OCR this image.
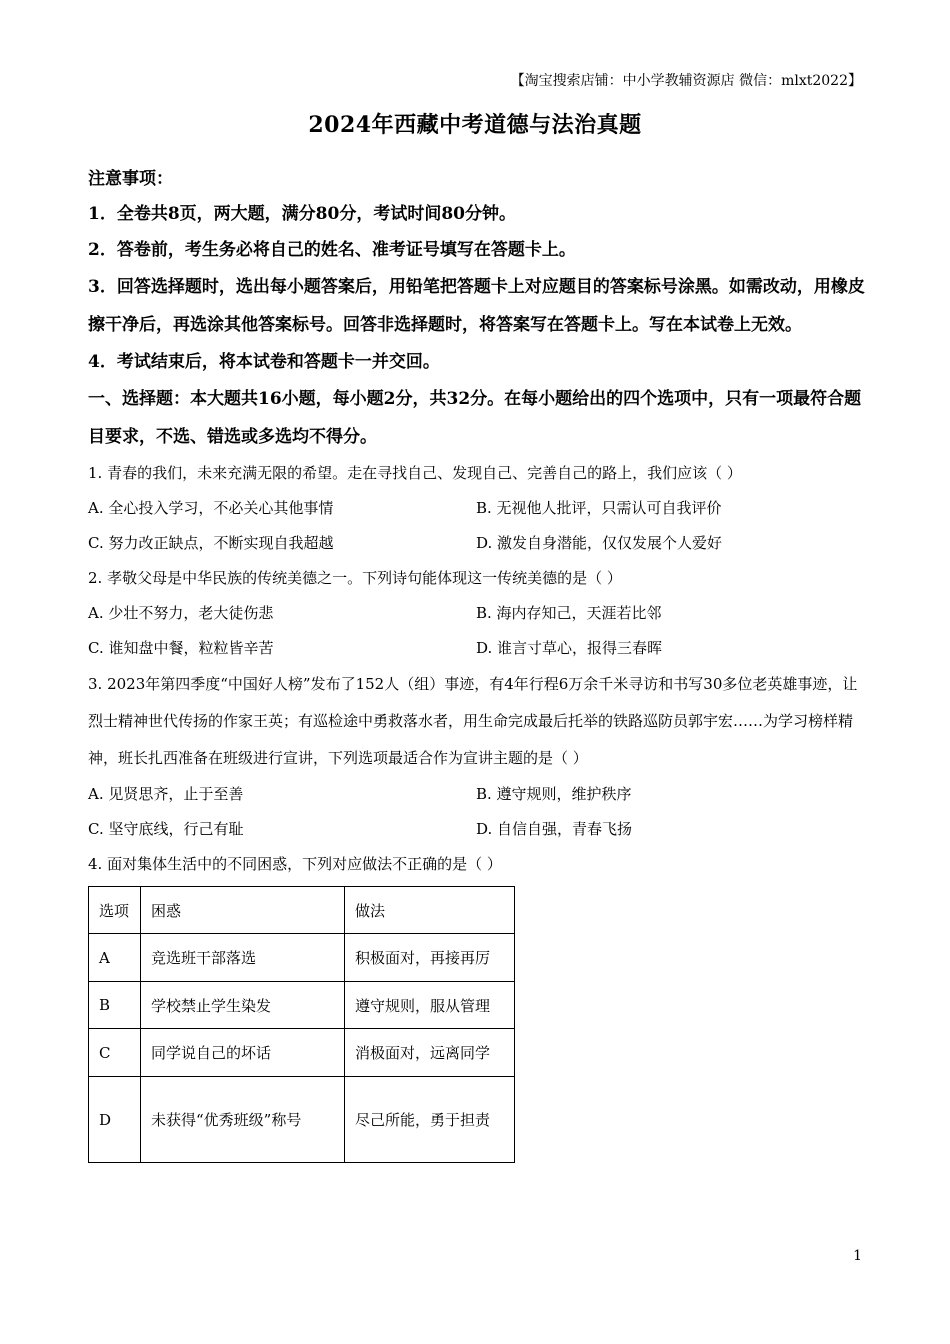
【淘宝搜索店铺：中小学教辅资源店 微信：mlxt2022】
2024年西藏中考道德与法治真题
注意事项：
1．全卷共8页，两大题，满分80分，考试时间80分钟。
2．答卷前，考生务必将自己的姓名、准考证号填写在答题卡上。
3．回答选择题时，选出每小题答案后，用铅笔把答题卡上对应题目的答案标号涂黑。如需改动，用橡皮擦干净后，再选涂其他答案标号。回答非选择题时，将答案写在答题卡上。写在本试卷上无效。
4．考试结束后，将本试卷和答题卡一并交回。
一、选择题：本大题共16小题，每小题2分，共32分。在每小题给出的四个选项中，只有一项最符合题目要求，不选、错选或多选均不得分。
1. 青春的我们，未来充满无限的希望。走在寻找自己、发现自己、完善自己的路上，我们应该（ ）
A. 全心投入学习，不必关心其他事情	B. 无视他人批评，只需认可自我评价
C. 努力改正缺点，不断实现自我超越	D. 激发自身潜能，仅仅发展个人爱好
2. 孝敬父母是中华民族的传统美德之一。下列诗句能体现这一传统美德的是（ ）
A. 少壮不努力，老大徒伤悲	B. 海内存知己，天涯若比邻
C. 谁知盘中餐，粒粒皆辛苦	D. 谁言寸草心，报得三春晖
3. 2023年第四季度“中国好人榜”发布了152人（组）事迹，有4年行程6万余千米寻访和书写30多位老英雄事迹，让烈士精神世代传扬的作家王英；有巡检途中勇救落水者，用生命完成最后托举的铁路巡防员郭宇宏……为学习榜样精神，班长扎西准备在班级进行宣讲，下列选项最适合作为宣讲主题的是（ ）
A. 见贤思齐，止于至善	B. 遵守规则，维护秩序
C. 坚守底线，行己有耻	D. 自信自强，青春飞扬
4. 面对集体生活中的不同困惑，下列对应做法不正确的是（ ）
选项	困惑	做法
A	竞选班干部落选	积极面对，再接再厉
B	学校禁止学生染发	遵守规则，服从管理
C	同学说自己的坏话	消极面对，远离同学
D	未获得“优秀班级”称号	尽己所能，勇于担责
1
